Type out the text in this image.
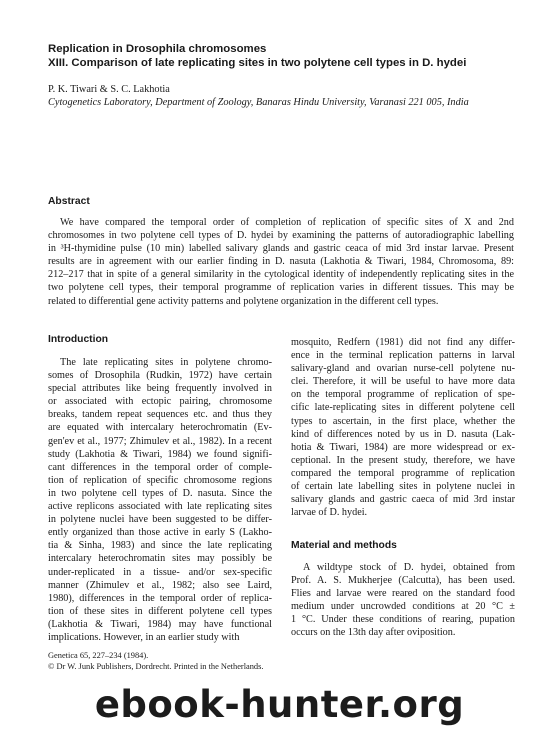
Replication in Drosophila chromosomes
XIII. Comparison of late replicating sites in two polytene cell types in D. hydei
P. K. Tiwari & S. C. Lakhotia
Cytogenetics Laboratory, Department of Zoology, Banaras Hindu University, Varanasi 221 005, India
Abstract
We have compared the temporal order of completion of replication of specific sites of X and 2nd
chromosomes in two polytene cell types of D. hydei by examining the patterns of autoradiographic labelling
in ³H-thymidine pulse (10 min) labelled salivary glands and gastric ceaca of mid 3rd instar larvae. Present
results are in agreement with our earlier finding in D. nasuta (Lakhotia & Tiwari, 1984, Chromosoma, 89:
212–217 that in spite of a general similarity in the cytological identity of independently replicating sites in the
two polytene cell types, their temporal programme of replication varies in different tissues. This may be
related to differential gene activity patterns and polytene organization in the different cell types.
Introduction
The late replicating sites in polytene chromo-
somes of Drosophila (Rudkin, 1972) have certain
special attributes like being frequently involved in
or associated with ectopic pairing, chromosome
breaks, tandem repeat sequences etc. and thus they
are equated with intercalary heterochromatin (Ev-
gen'ev et al., 1977; Zhimulev et al., 1982). In a recent
study (Lakhotia & Tiwari, 1984) we found signifi-
cant differences in the temporal order of comple-
tion of replication of specific chromosome regions
in two polytene cell types of D. nasuta. Since the
active replicons associated with late replicating sites
in polytene nuclei have been suggested to be differ-
ently organized than those active in early S (Lakho-
tia & Sinha, 1983) and since the late replicating
intercalary heterochromatin sites may possibly be
under-replicated in a tissue- and/or sex-specific
manner (Zhimulev et al., 1982; also see Laird,
1980), differences in the temporal order of replica-
tion of these sites in different polytene cell types
(Lakhotia & Tiwari, 1984) may have functional
implications. However, in an earlier study with
mosquito, Redfern (1981) did not find any differ-
ence in the terminal replication patterns in larval
salivary-gland and ovarian nurse-cell polytene nu-
clei. Therefore, it will be useful to have more data
on the temporal programme of replication of spe-
cific late-replicating sites in different polytene cell
types to ascertain, in the first place, whether the
kind of differences noted by us in D. nasuta (Lak-
hotia & Tiwari, 1984) are more widespread or ex-
ceptional. In the present study, therefore, we have
compared the temporal programme of replication
of certain late labelling sites in polytene nuclei in
salivary glands and gastric caeca of mid 3rd instar
larvae of D. hydei.
Material and methods
A wildtype stock of D. hydei, obtained from
Prof. A. S. Mukherjee (Calcutta), has been used.
Flies and larvae were reared on the standard food
medium under uncrowded conditions at 20 °C ±
1 °C. Under these conditions of rearing, pupation
occurs on the 13th day after oviposition.
Genetica 65, 227–234 (1984).
© Dr W. Junk Publishers, Dordrecht. Printed in the Netherlands.
ebook-hunter.org
